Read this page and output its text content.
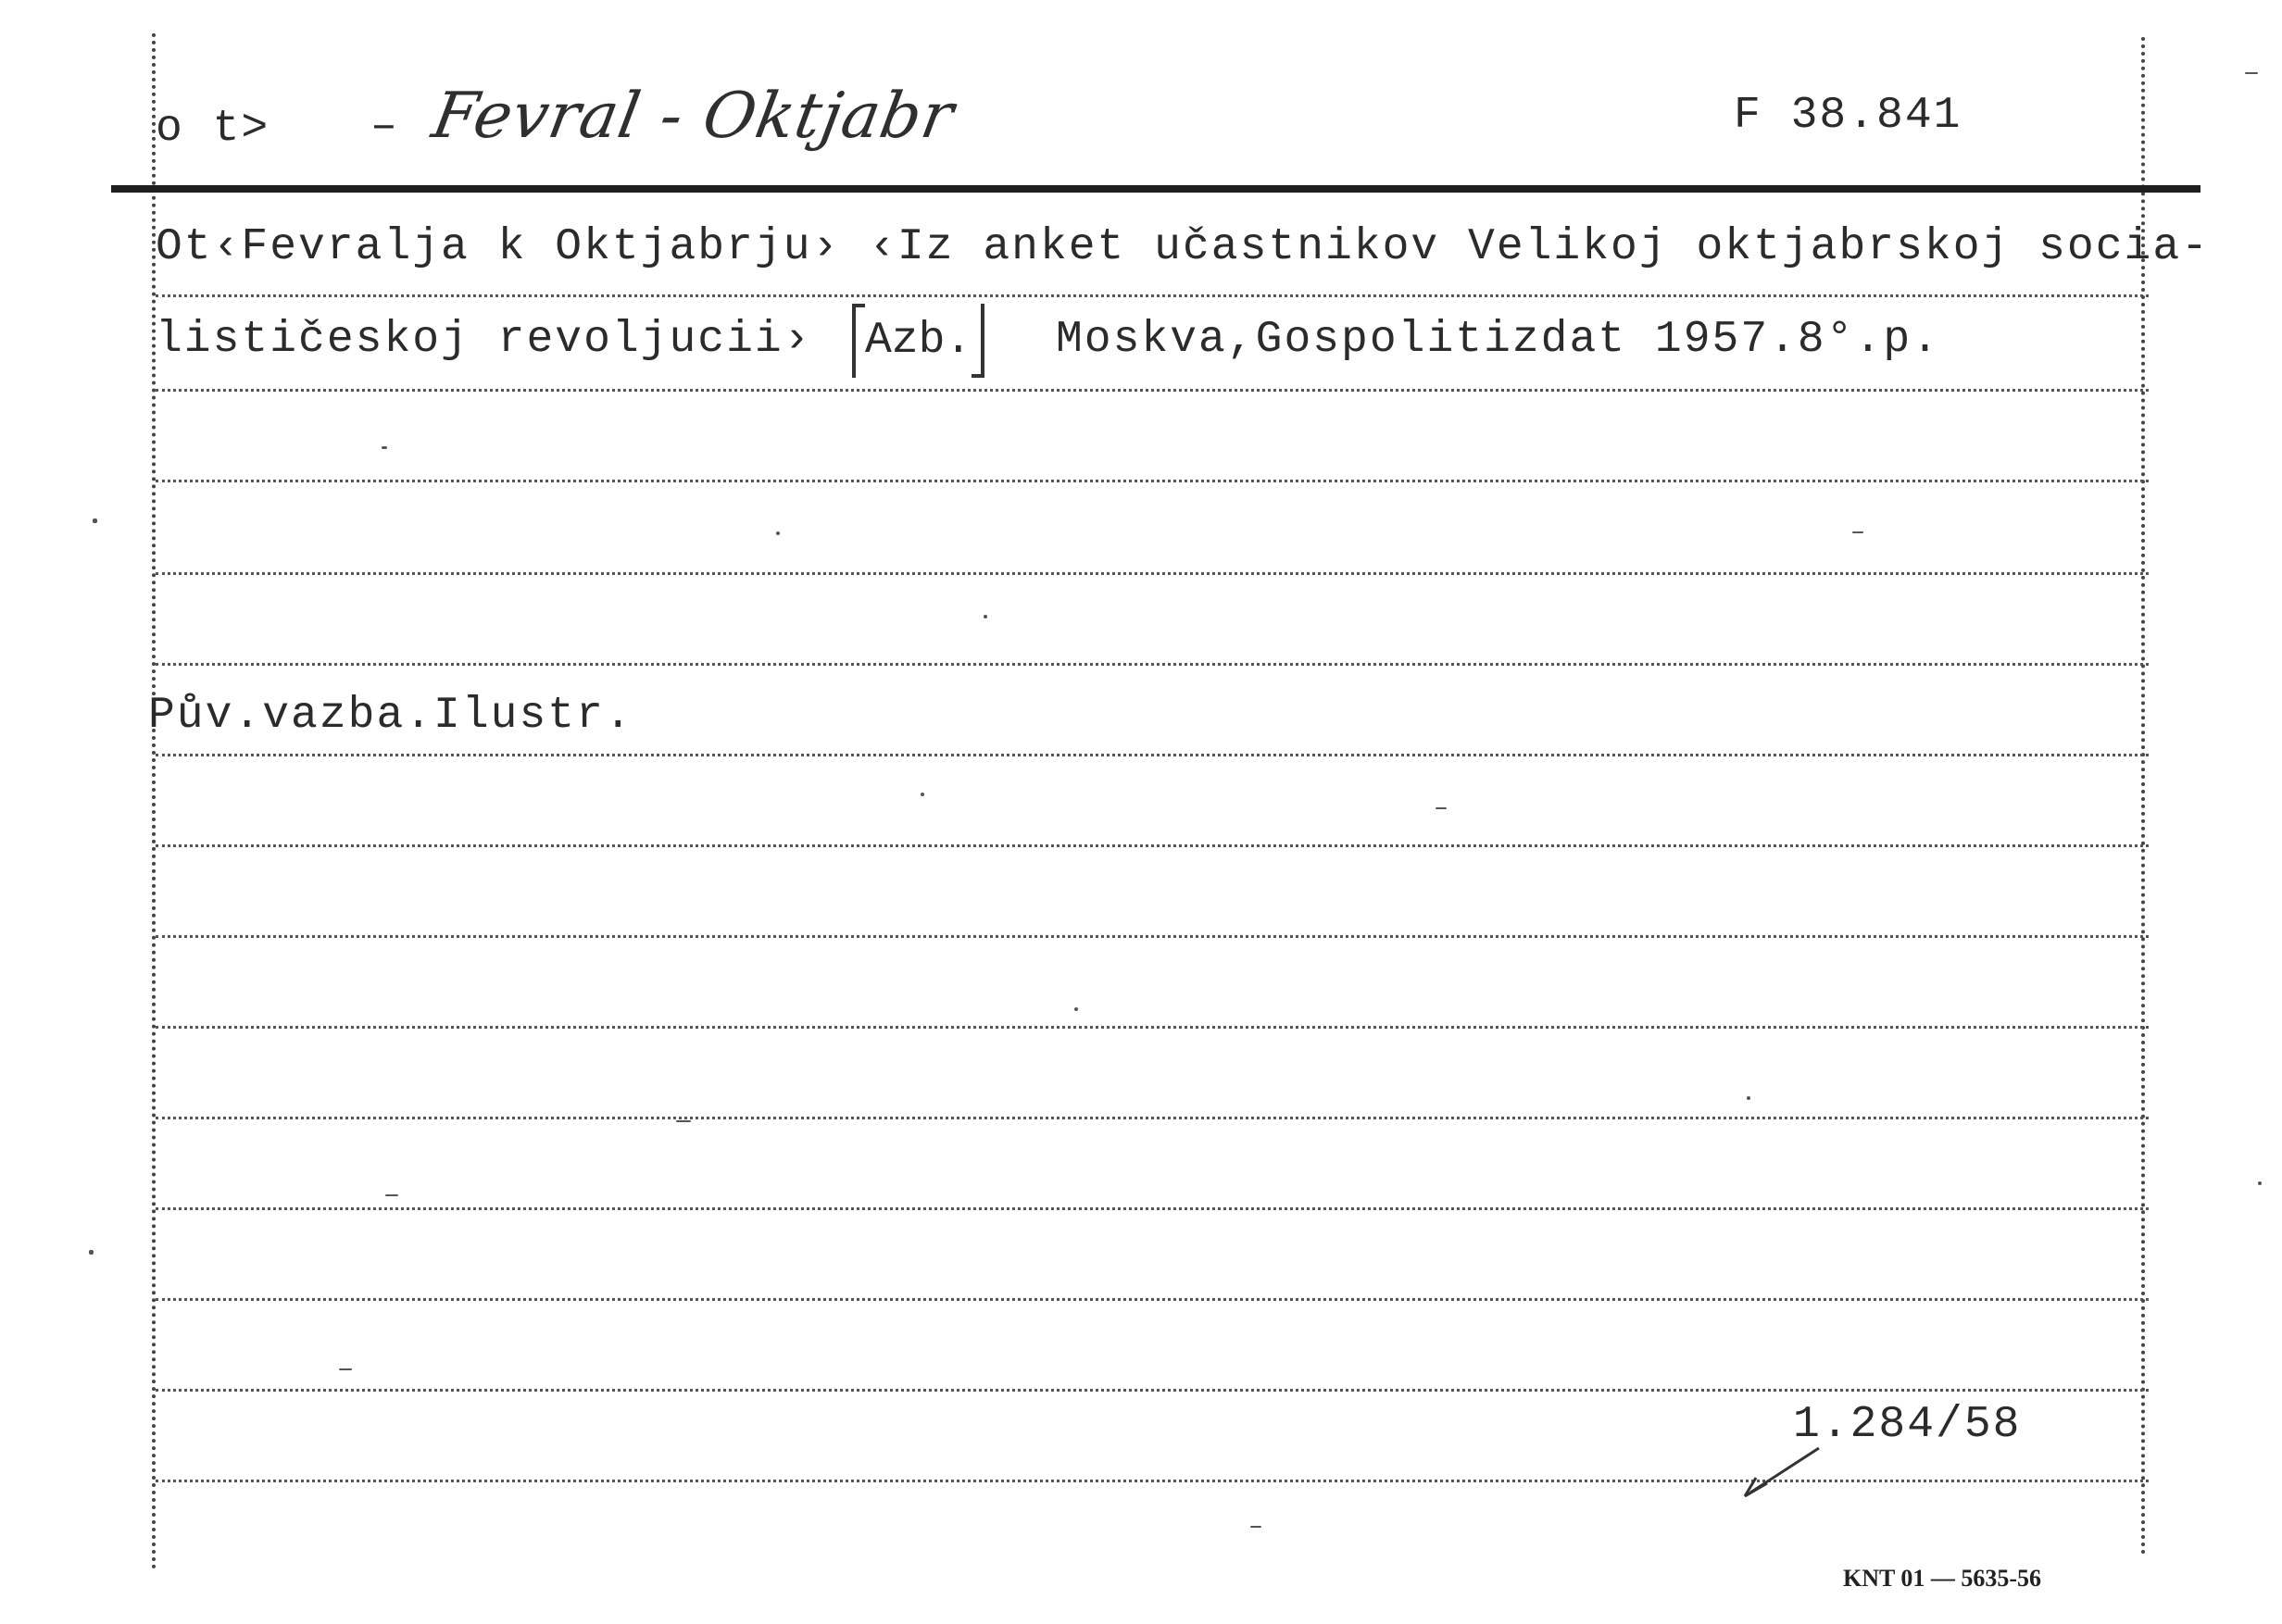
o t> – Fevral - Oktjabr	F 38.841
Ot‹Fevralja k Oktjabrju› ‹Iz anket učastnikov Velikoj oktjabrskoj socia-
lističeskoj revoljucii› Azb. Moskva,Gospolitizdat 1957.8°.p.
Pův.vazba.Ilustr.
1.284/58
KNT 01 — 5635-56
